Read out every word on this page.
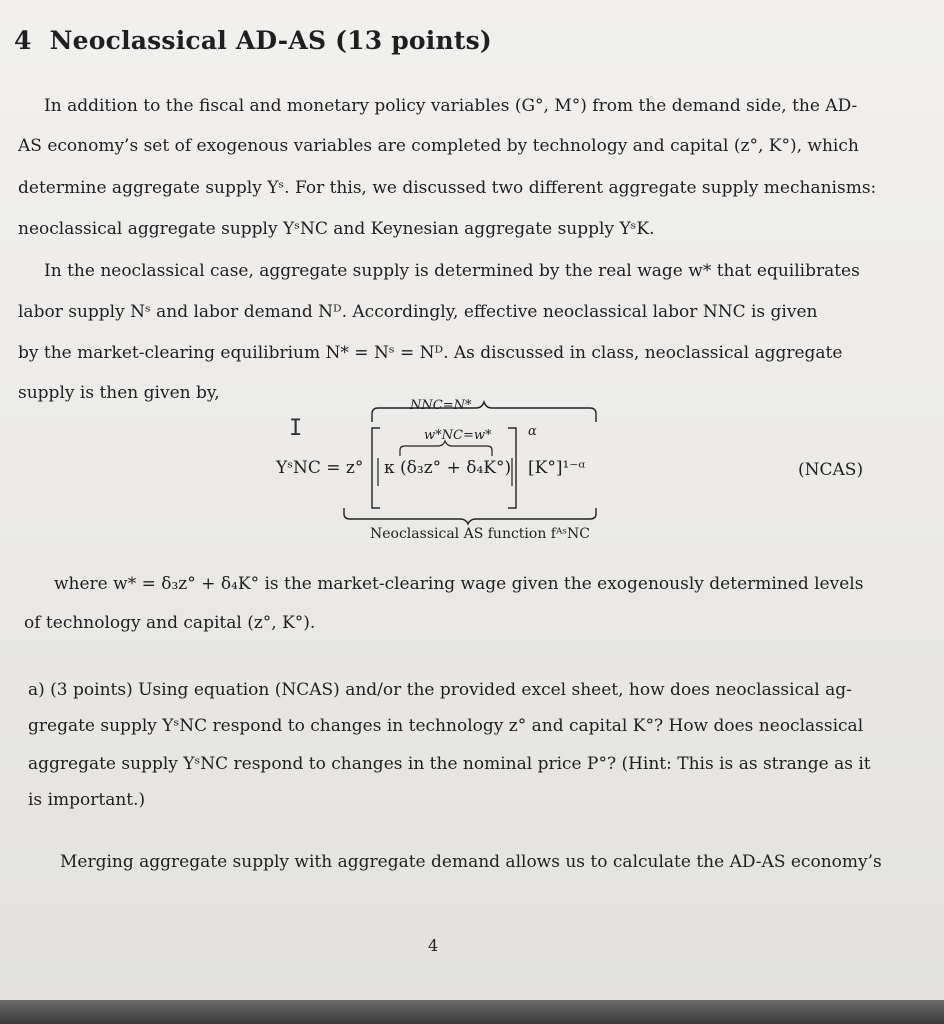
4 Neoclassical AD-AS (13 points)
In addition to the fiscal and monetary policy variables (G°, M°) from the demand side, the AD-
AS economy’s set of exogenous variables are completed by technology and capital (z°, K°), which
determine aggregate supply Yˢ. For this, we discussed two different aggregate supply mechanisms:
neoclassical aggregate supply YˢNC and Keynesian aggregate supply YˢK.
In the neoclassical case, aggregate supply is determined by the real wage w* that equilibrates
labor supply Nˢ and labor demand Nᴰ. Accordingly, effective neoclassical labor NNC is given
by the market-clearing equilibrium N* = Nˢ = Nᴰ. As discussed in class, neoclassical aggregate
supply is then given by,
I
NNC=N*
w*NC=w*	α
YˢNC = z° κ (δ₃z° + δ₄K°) [K°]¹⁻ᵅ
Neoclassical AS function fᴬˢNC
(NCAS)
where w* = δ₃z° + δ₄K° is the market-clearing wage given the exogenously determined levels
of technology and capital (z°, K°).
a) (3 points) Using equation (NCAS) and/or the provided excel sheet, how does neoclassical ag-
gregate supply YˢNC respond to changes in technology z° and capital K°? How does neoclassical
aggregate supply YˢNC respond to changes in the nominal price P°? (Hint: This is as strange as it
is important.)
Merging aggregate supply with aggregate demand allows us to calculate the AD-AS economy’s
4
